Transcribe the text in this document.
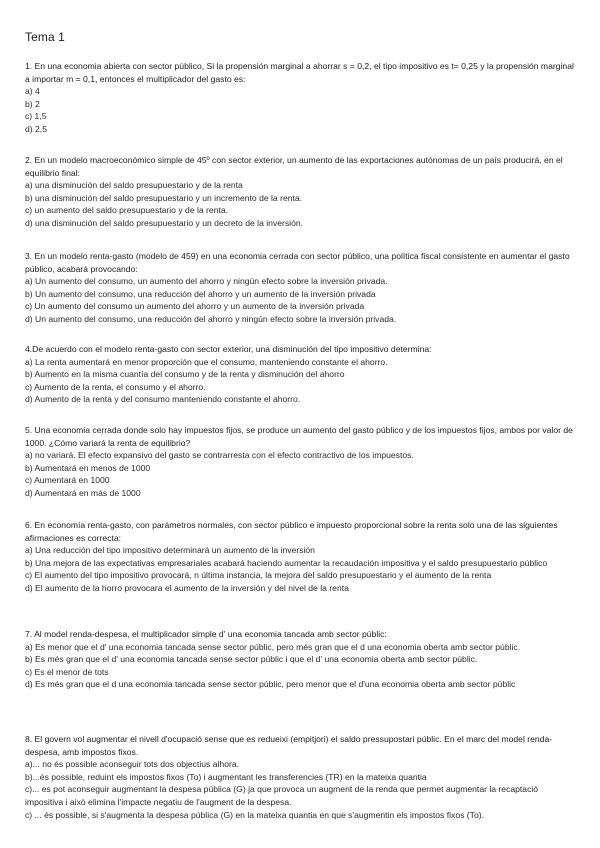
Tema 1
1. En una economia abierta con sector público, Si la propensión marginal a ahorrar s = 0,2, el tipo impositivo es t= 0,25 y la propensión marginal a importar m = 0,1, entonces el multiplicador del gasto es:
a) 4
b) 2
c) 1,5
d) 2,5
2. En un modelo macroeconómico simple de 45º con sector exterior, un aumento de las exportaciones autónomas de un país producirá, en el equilibrio final:
a) una disminución del saldo presupuestario y de la renta
b) una disminución del saldo presupuestario y un incremento de la renta.
c) un aumento del saldo presupuestario y de la renta.
d) una disminución del saldo presupuestario y un decreto de la inversión.
3. En un modelo renta-gasto (modelo de 459) en una economia cerrada con sector público, una política fiscal consistente en aumentar el gasto público, acabará provocando:
a) Un aumento del consumo, un aumento del ahorro y ningún efecto sobre la inversión privada.
b) Un aumento del consumo, una reducción del ahorro y un aumento de la inversión privada
c) Un aumento del consumo un aumento del ahorro y un aumento de la inversión privada
d) Un aumento del consumo, una reducción del ahorro y ningún efecto sobre la inversión privada.
4.De acuerdo con el modelo renta-gasto con sector exterior, una disminución del tipo impositivo determina:
a) La renta aumentará en menor proporción que el consumo, manteniendo constante el ahorro.
b) Aumento en la misma cuantía del consumo y de la renta y disminución del ahorro
c) Aumento de la renta, el consumo y el ahorro.
d) Aumento de la renta y del consumo manteniendo constante el ahorro.
5. Una economia cerrada donde solo hay impuestos fijos, se produce un aumento del gasto público y de los impuestos fijos, ambos por valor de 1000. ¿Cómo variará la renta de equilibrio?
a) no variará. El efecto expansivo del gasto se contrarresta con el efecto contractivo de los impuestos.
b) Aumentará en menos de 1000
c) Aumentará en 1000
d) Aumentará en más de 1000
6. En economía renta-gasto, con parámetros normales, con sector público e impuesto proporcional sobre la renta solo una de las siguientes afirmaciones es correcta:
a) Una reducción del tipo impositivo determinará un aumento de la inversión
b) Una mejora de las expectativas empresariales acabará haciendo aumentar la recaudación impositiva y el saldo presupuestario público
c) El aumento del tipo impositivo provocará, n última instancia, la mejora del saldo presupuestario y el aumento de la renta
d) El aumento de la horro provocara el aumento de la inversión y del nivel de la renta
7. Al model renda-despesa, el multiplicador simple d' una economia tancada amb sector públic:
a) Es menor que el d' una economia tancada sense sector públic, pero més gran que el d una economia oberta amb sector públic.
b) Es més gran que el d' una economia tancada sense sector públic i que el d' una economia oberta amb sector públic.
c) Es el menor de tots
d) Es més gran que el d una economia tancada sense sector públic, pero menor que el d'una economia oberta amb sector públic
8. El govern vol augmentar el nivell d'ocupació sense que es redueixi (empitjori) el saldo pressupostari públic. En el marc del model renda-despesa, amb impostos fixos.
a)... no és possible aconseguir tots dos objectius alhora.
b)...és possible, reduint els impostos fixos (To) i augmentant les transferencies (TR) en la mateixa quantia
c)... es pot aconseguir augmentant la despesa pública (G) ja que provoca un augment de la renda que permet augmentar la recaptació impositiva i això elimina l'impacte negatiu de l'augment de la despesa.
c) ... és possible, si s'augmenta la despesa pública (G) en la mateixa quantia en que s'augmentin els impostos fixos (To).
